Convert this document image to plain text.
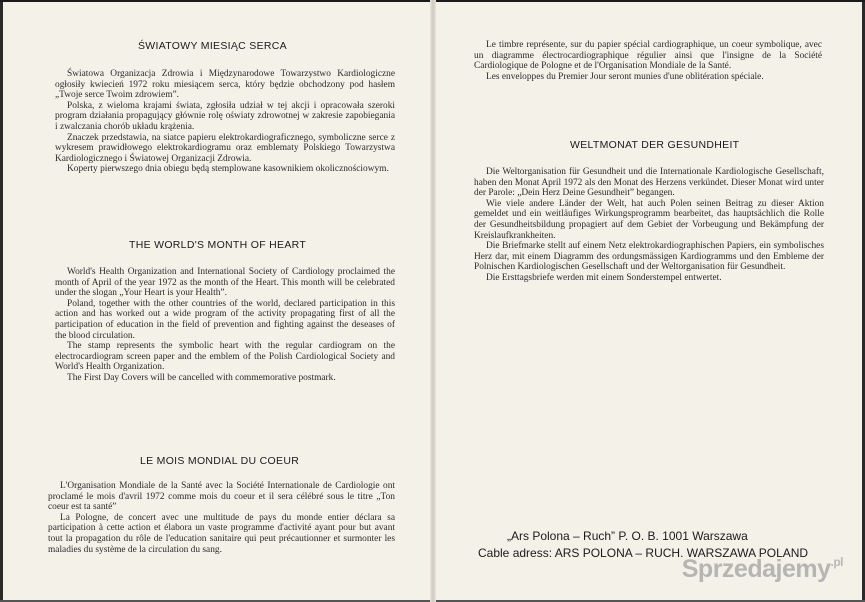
ŚWIATOWY MIESIĄC SERCA

Światowa Organizacja Zdrowia i Międzynarodowe Towarzystwo Kardiologiczne ogłosiły kwiecień 1972 roku miesiącem serca, który będzie obchodzony pod hasłem „Twoje serce Twoim zdrowiem”.

Polska, z wieloma krajami świata, zgłosiła udział w tej akcji i opracowała szeroki program działania propagujący głównie rolę oświaty zdrowotnej w zakresie zapobiegania i zwalczania chorób układu krążenia.

Znaczek przedstawia, na siatce papieru elektrokardiograficznego, symboliczne serce z wykresem prawidłowego elektrokardiogramu oraz emblematy Polskiego Towarzystwa Kardiologicznego i Światowej Organizacji Zdrowia.

Koperty pierwszego dnia obiegu będą stemplowane kasownikiem okolicznościowym.

THE WORLD'S MONTH OF HEART

World's Health Organization and International Society of Cardiology proclaimed the month of April of the year 1972 as the month of the Heart. This month will be celebrated under the slogan „Your Heart is your Health”.

Poland, together with the other countries of the world, declared participation in this action and has worked out a wide program of the activity propagating first of all the participation of education in the field of prevention and fighting against the deseases of the blood circulation.

The stamp represents the symbolic heart with the regular cardiogram on the electrocardiogram screen paper and the emblem of the Polish Cardiological Society and World's Health Organization.

The First Day Covers will be cancelled with commemorative postmark.

LE MOIS MONDIAL DU COEUR

L'Organisation Mondiale de la Santé avec la Société Internationale de Cardiologie ont proclamé le mois d'avril 1972 comme mois du coeur et il sera célébré sous le titre „Ton coeur est ta santé”

La Pologne, de concert avec une multitude de pays du monde entier déclara sa participation à cette action et élabora un vaste programme d'activité ayant pour but avant tout la propagation du rôle de l'education sanitaire qui peut précautionner et surmonter les maladies du système de la circulation du sang.

Le timbre représente, sur du papier spécial cardiographique, un coeur symbolique, avec un diagramme électrocardiographique régulier ainsi que l'insigne de la Société Cardiologique de Pologne et de l'Organisation Mondiale de la Santé.

Les enveloppes du Premier Jour seront munies d'une oblitération spéciale.

WELTMONAT DER GESUNDHEIT

Die Weltorganisation für Gesundheit und die Internationale Kardiologische Gesellschaft, haben den Monat April 1972 als den Monat des Herzens verkündet. Dieser Monat wird unter der Parole: „Dein Herz Deine Gesundheit” begangen.

Wie viele andere Länder der Welt, hat auch Polen seinen Beitrag zu dieser Aktion gemeldet und ein weitläufiges Wirkungsprogramm bearbeitet, das hauptsächlich die Rolle der Gesundheitsbildung propagiert auf dem Gebiet der Vorbeugung und Bekämpfung der Kreislaufkrankheiten.

Die Briefmarke stellt auf einem Netz elektrokardiographischen Papiers, ein symbolisches Herz dar, mit einem Diagramm des ordungsmässigen Kardiogramms und den Embleme der Polnischen Kardiologischen Gesellschaft und der Weltorganisation für Gesundheit.

Die Ersttagsbriefe werden mit einem Sonderstempel entwertet.

„Ars Polona – Ruch” P. O. B. 1001 Warszawa
Cable adress: ARS POLONA – RUCH. WARSZAWA POLAND
Sprzedajemy$^{.pl}$
